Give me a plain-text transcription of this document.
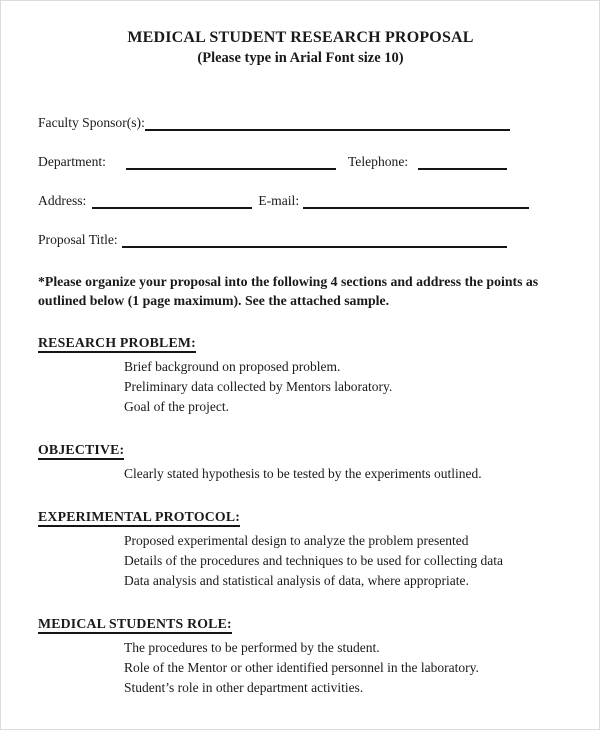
MEDICAL STUDENT RESEARCH PROPOSAL
(Please type in Arial Font size 10)
Faculty Sponsor(s):
Department:	Telephone:
Address:	E-mail:
Proposal Title:
*Please organize your proposal into the following 4 sections and address the points as outlined below (1 page maximum). See the attached sample.
RESEARCH PROBLEM:
Brief background on proposed problem.
Preliminary data collected by Mentors laboratory.
Goal of the project.
OBJECTIVE:
Clearly stated hypothesis to be tested by the experiments outlined.
EXPERIMENTAL PROTOCOL:
Proposed experimental design to analyze the problem presented
Details of the procedures and techniques to be used for collecting data
Data analysis and statistical analysis of data, where appropriate.
MEDICAL STUDENTS ROLE:
The procedures to be performed by the student.
Role of the Mentor or other identified personnel in the laboratory.
Student’s role in other department activities.
